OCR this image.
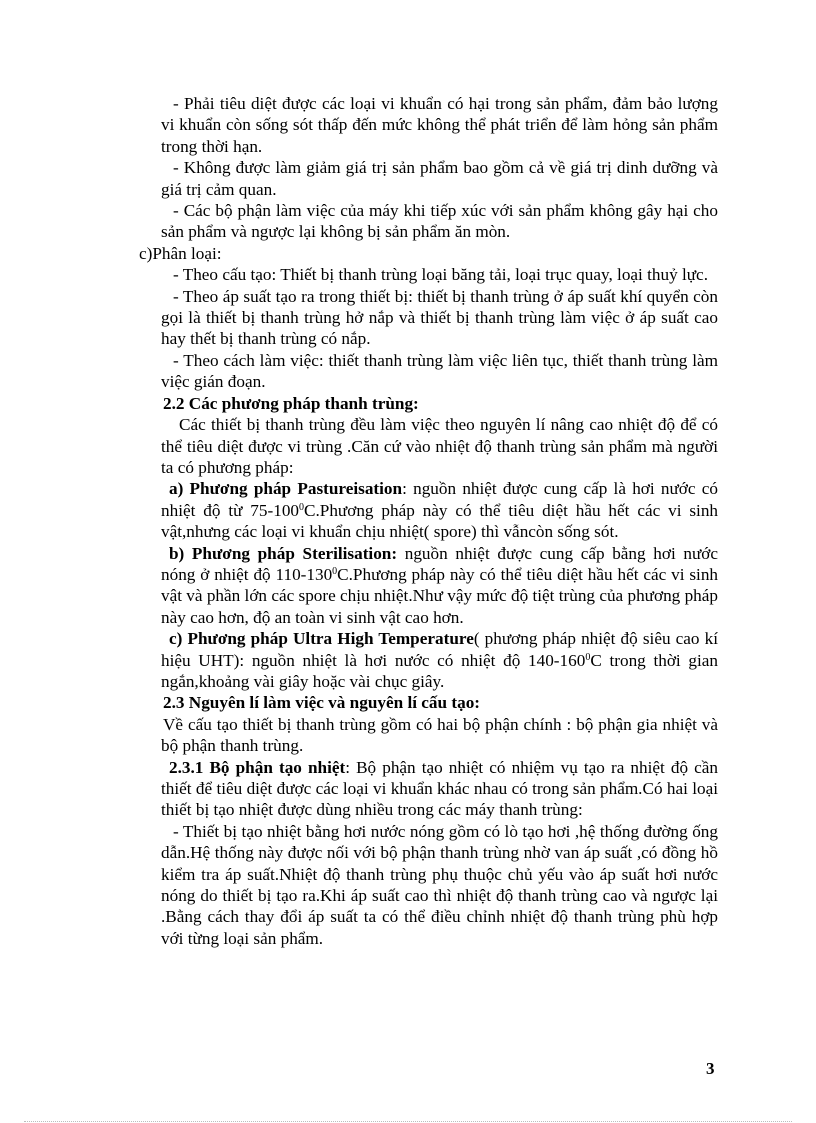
- Phải tiêu diệt được các loại vi khuẩn có hại trong sản phẩm, đảm bảo lượng vi khuẩn còn sống sót thấp đến mức không thể phát triển để làm hỏng sản phẩm trong thời hạn.

- Không được làm giảm giá trị sản phẩm bao gồm cả về giá trị dinh dưỡng và giá trị cảm quan.

- Các bộ phận làm việc của máy khi tiếp xúc với sản phẩm không gây hại cho sản phẩm và ngược lại không bị sản phẩm ăn mòn.

c)Phân loại:

- Theo cấu tạo: Thiết bị thanh trùng loại băng tải, loại trục quay, loại thuỷ lực.

- Theo áp suất tạo ra trong thiết bị: thiết bị thanh trùng ở áp suất khí quyển còn gọi là thiết bị thanh trùng hở nắp và thiết bị thanh trùng làm việc ở áp suất cao hay thết bị thanh trùng có nắp.

- Theo cách làm việc: thiết thanh trùng làm việc liên tục, thiết thanh trùng làm việc gián đoạn.

2.2 Các phương pháp thanh trùng:

Các thiết bị thanh trùng đều làm việc theo nguyên lí nâng cao nhiệt độ để có thể tiêu diệt được vi trùng .Căn cứ vào nhiệt độ thanh trùng sản phẩm mà người ta có phương pháp:

a) Phương pháp Pastureisation: nguồn nhiệt được cung cấp là hơi nước có nhiệt độ từ $75-100^0C.Phương$ pháp này có thể tiêu diệt hầu hết các vi sinh vật,nhưng các loại vi khuẩn chịu nhiệt( spore) thì vẫncòn sống sót.

b) Phương pháp Sterilisation: nguồn nhiệt được cung cấp bằng hơi nước nóng ở nhiệt độ $110-130^0C.Phương$ pháp này có thể tiêu diệt hầu hết các vi sinh vật và phần lớn các spore chịu nhiệt.Như vậy mức độ tiệt trùng của phương pháp này cao hơn, độ an toàn vi sinh vật cao hơn.

c) Phương pháp Ultra High Temperature( phương pháp nhiệt độ siêu cao kí hiệu UHT): nguồn nhiệt là hơi nước có nhiệt độ $140-160^0C$ trong thời gian ngắn,khoảng vài giây hoặc vài chục giây.

2.3 Nguyên lí làm việc và nguyên lí cấu tạo:

Về cấu tạo thiết bị thanh trùng gồm có hai bộ phận chính : bộ phận gia nhiệt và bộ phận thanh trùng.

2.3.1 Bộ phận tạo nhiệt: Bộ phận tạo nhiệt có nhiệm vụ tạo ra nhiệt độ cần thiết để tiêu diệt được các loại vi khuẩn khác nhau có trong sản phẩm.Có hai loại thiết bị tạo nhiệt được dùng nhiều trong các máy thanh trùng:

- Thiết bị tạo nhiệt bằng hơi nước nóng gồm có lò tạo hơi ,hệ thống đường ống dẫn.Hệ thống này được nối với bộ phận thanh trùng nhờ van áp suất ,có đồng hồ kiểm tra áp suất.Nhiệt độ thanh trùng phụ thuộc chủ yếu vào áp suất hơi nước nóng do thiết bị tạo ra.Khi áp suất cao thì nhiệt độ thanh trùng cao và ngược lại .Bằng cách thay đổi áp suất ta có thể điều chỉnh nhiệt độ thanh trùng phù hợp với từng loại sản phẩm.

3
